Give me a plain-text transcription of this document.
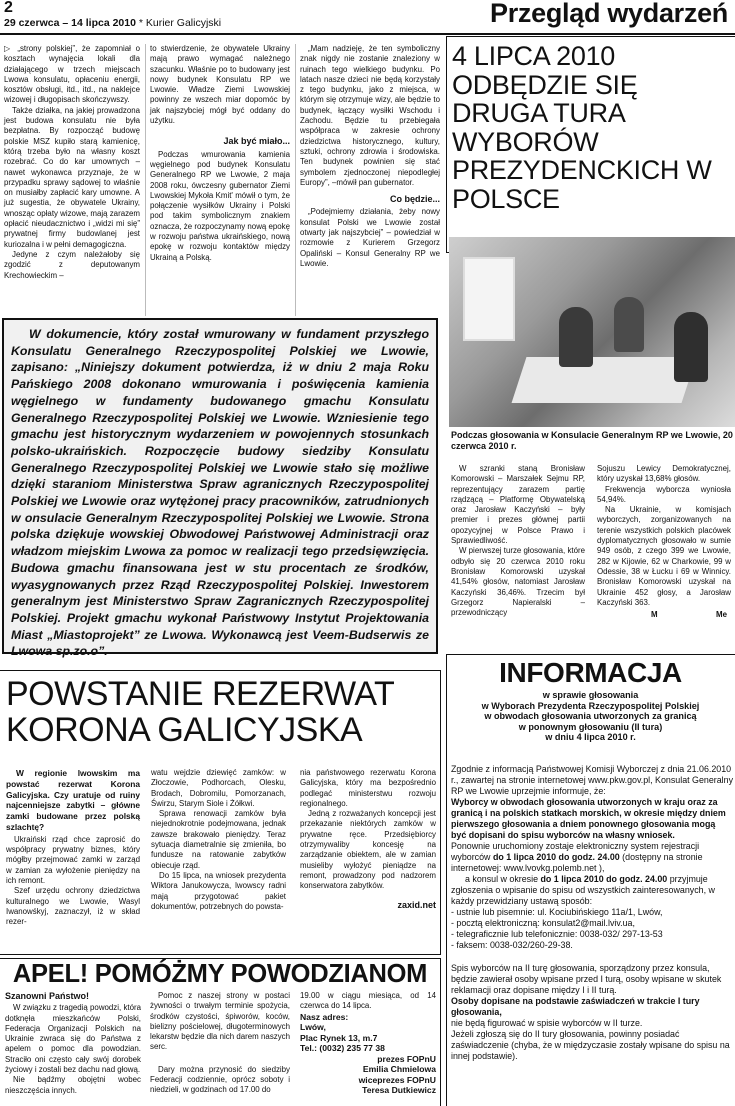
2
29 czerwca – 14 lipca 2010 * Kurier Galicyjski	Przegląd wydarzeń

▷ „strony polskiej”, że zapomniał o kosztach wynajęcia lokali dla działającego w trzech miejscach Lwowa konsulatu, opłaceniu energii, kosztów obsługi, itd., itd., na naklejce wizowej i długopisach skończywszy.

Także działka, na jakiej prowadzona jest budowa konsulatu nie była bezpłatna. By rozpocząć budowę polskie MSZ kupiło starą kamienicę, którą trzeba było na własny koszt rozebrać. Co do kar umownych – nawet wykonawca przyznaje, że w przypadku sprawy sądowej to właśnie on musiałby zapłacić kary umowne. A już sugestia, że obywatele Ukrainy, wnosząc opłaty wizowe, mają zarazem opłacić nieudacznictwo i „widzi mi się” prywatnej firmy budowlanej jest kuriozalna i w pełni demagogiczna.

Jedyne z czym należałoby się zgodzić z deputowanym Krechowieckim –

to stwierdzenie, że obywatele Ukrainy mają prawo wymagać należnego szacunku. Właśnie po to budowany jest nowy budynek Konsulatu RP we Lwowie. Władze Ziemi Lwowskiej powinny ze wszech miar dopomóc by jak najszybciej mógł być oddany do użytku.

Jak być miało...

Podczas wmurowania kamienia węgielnego pod budynek Konsulatu Generalnego RP we Lwowie, 2 maja 2008 roku, ówczesny gubernator Ziemi Lwowskiej Mykoła Kmit' mówił o tym, że połączenie wysiłków Ukrainy i Polski pod takim symbolicznym znakiem oznacza, że rozpoczynamy nową epokę w rozwoju państwa ukraińskiego, nową epokę w rozwoju kontaktów między Ukrainą a Polską.

„Mam nadzieję, że ten symboliczny znak nigdy nie zostanie znaleziony w ruinach tego wielkiego budynku. Po latach nasze dzieci nie będą korzystały z tego budynku, jako z miejsca, w którym się otrzymuje wizy, ale będzie to budynek, łączący wysiłki Wschodu i Zachodu. Będzie tu przebiegała współpraca w zakresie ochrony dziedzictwa historycznego, kultury, sztuki, ochrony zdrowia i środowiska. Ten budynek powinien się stać symbolem zjednoczonej niepodległej Europy”, –mówił pan gubernator.

Co będzie...

„Podejmiemy działania, żeby nowy konsulat Polski we Lwowie został otwarty jak najszybciej” – powiedział w rozmowie z Kurierem Grzegorz Opaliński – Konsul Generalny RP we Lwowie.

W dokumencie, który został wmurowany w fundament przyszłego Konsulatu Generalnego Rzeczypospolitej Polskiej we Lwowie, zapisano: „Niniejszy dokument potwierdza, iż w dniu 2 maja Roku Pańskiego 2008 dokonano wmurowania i poświęcenia kamienia węgielnego w fundamenty budowanego gmachu Konsulatu Generalnego Rzeczypospolitej Polskiej we Lwowie. Wzniesienie tego gmachu jest historycznym wydarzeniem w powojennych stosunkach polsko-ukraińskich. Rozpoczęcie budowy siedziby Konsulatu Generalnego Rzeczypospolitej Polskiej we Lwowie stało się możliwe dzięki staraniom Ministerstwa Spraw agranicznych Rzeczypospolitej Polskiej we Lwowie oraz wytężonej pracy pracowników, zatrudnionych w onsulacie Generalnym Rzeczypospolitej Polskiej we Lwowie. Strona polska dziękuje wowskiej Obwodowej Państwowej Administracji oraz władzom miejskim Lwowa za pomoc w realizacji tego przedsięwzięcia. Budowa gmachu finansowana jest w stu procentach ze środków, wyasygnowanych przez Rząd Rzeczypospolitej Polskiej. Inwestorem generalnym jest Ministerstwo Spraw Zagranicznych Rzeczypospolitej Polskiej. Projekt gmachu wykonał Państwowy Instytut Projektowania Miast „Miastoprojekt” ze Lwowa. Wykonawcą jest Veem-Budserwis ze Lwowa sp.zo.o”.
4 LIPCA 2010 ODBĘDZIE SIĘ DRUGA TURA WYBORÓW PREZYDENCKICH W POLSCE
Podczas głosowania w Konsulacie Generalnym RP we Lwowie, 20 czerwca 2010 r.

W szranki staną Bronisław Komorowski – Marszałek Sejmu RP, reprezentujący zarazem partię rządzącą – Platformę Obywatelską oraz Jarosław Kaczyński – były premier i prezes głównej partii opozycyjnej w Polsce Prawo i Sprawiedliwość.

W pierwszej turze głosowania, które odbyło się 20 czerwca 2010 roku Bronisław Komorowski uzyskał 41,54% głosów, natomiast Jarosław Kaczyński 36,46%. Trzecim był Grzegorz Napieralski – przewodniczący

Sojuszu Lewicy Demokratycznej, który uzyskał 13,68% głosów.

Frekwencja wyborcza wyniosła 54,94%.

Na Ukrainie, w komisjach wyborczych, zorganizowanych na terenie wszystkich polskich placówek dyplomatycznych głosowało w sumie 949 osób, z czego 399 we Lwowie, 282 w Kijowie, 62 w Charkowie, 99 w Odessie, 38 w Łucku i 69 w Winnicy. Bronisław Komorowski uzyskał na Ukrainie 452 głosy, a Jarosław Kaczyński 363.

M	Me
POWSTANIE REZERWAT KORONA GALICYJSKA

W regionie lwowskim ma powstać rezerwat Korona Galicyjska. Czy uratuje od ruiny najcenniejsze zabytki – główne zamki budowane przez polską szlachtę?

Ukraiński rząd chce zaprosić do współpracy prywatny biznes, który mógłby przejmować zamki w zarząd w zamian za wyłożenie pieniędzy na ich remont.

Szef urzędu ochrony dziedzictwa kulturalnego we Lwowie, Wasyl Iwanowśkyj, zaznaczył, iż w skład rezer-

watu wejdzie dziewięć zamków: w Złoczowie, Podhorcach, Olesku, Brodach, Dobromilu, Pomorzanach, Świrzu, Starym Siole i Żółkwi.

Sprawa renowacji zamków była niejednokrotnie podejmowana, jednak zawsze brakowało pieniędzy. Teraz sytuacja diametralnie się zmieniła, bo fundusze na ratowanie zabytków obiecuje rząd.

Do 15 lipca, na wniosek prezydenta Wiktora Janukowycza, lwowscy radni mają przygotować pakiet dokumentów, potrzebnych do powsta-

nia państwowego rezerwatu Korona Galicyjska, który ma bezpośrednio podlegać ministerstwu rozwoju regionalnego.

Jedną z rozważanych koncepcji jest przekazanie niektórych zamków w prywatne ręce. Przedsiębiorcy otrzymywaliby koncesję na zarządzanie obiektem, ale w zamian musieliby wyłożyć pieniądze na remont, prowadzony pod nadzorem konserwatora zabytków.

zaxid.net

APEL! POMÓŻMY POWODZIANOM

Szanowni Państwo!

W związku z tragedią powodzi, która dotknęła mieszkańców Polski, Federacja Organizacji Polskich na Ukrainie zwraca się do Państwa z apelem o pomoc dla powodzian. Straciło oni często cały swój dorobek życiowy i zostali bez dachu nad głową.

Nie bądźmy obojętni wobec nieszczęścia innych.

Pomoc z naszej strony w postaci żywności o trwałym terminie spożycia, środków czystości, śpiworów, koców, bielizny pościelowej, długoterminowych lekarstw będzie dla nich darem naszych serc.

Dary można przynosić do siedziby Federacji codziennie, oprócz soboty i niedzieli, w godzinach od 17.00 do

19.00 w ciągu miesiąca, od 14 czerwca do 14 lipca.

Nasz adres:
Lwów,
Plac Rynek 13, m.7
Tel.: (0032) 235 77 38
prezes FOPnU
Emilia Chmielowa
wiceprezes FOPnU
Teresa Dutkiewicz
INFORMACJA
w sprawie głosowania
w Wyborach Prezydenta Rzeczypospolitej Polskiej
w obwodach głosowania utworzonych za granicą
w ponownym głosowaniu (II tura)
w dniu 4 lipca 2010 r.
Zgodnie z informacją Państwowej Komisji Wyborczej z dnia 21.06.2010 r., zawartej na stronie internetowej www.pkw.gov.pl, Konsulat Generalny RP we Lwowie uprzejmie informuje, że:
Wyborcy w obwodach głosowania utworzonych w kraju oraz za granicą i na polskich statkach morskich, w okresie między dniem pierwszego głosowania a dniem ponownego głosowania mogą być dopisani do spisu wyborców na własny wniosek.
Ponownie uruchomiony zostaje elektroniczny system rejestracji wyborców do 1 lipca 2010 do godz. 24.00 (dostępny na stronie internetowej: www.lvovkg.polemb.net ),
a konsul w okresie do 1 lipca 2010 do godz. 24.00 przyjmuje zgłoszenia o wpisanie do spisu od wszystkich zainteresowanych, w każdy przewidziany ustawą sposób:
- ustnie lub pisemnie: ul. Kociubińskiego 11a/1, Lwów,
- pocztą elektroniczną: konsulat2@mail.lviv.ua,
- telegraficznie lub telefonicznie: 0038-032/ 297-13-53
- faksem: 0038-032/260-29-38.
Spis wyborców na II turę głosowania, sporządzony przez konsula, będzie zawierał osoby wpisane przed I turą, osoby wpisane w skutek reklamacji oraz dopisane między I i II turą.
Osoby dopisane na podstawie zaświadczeń w trakcie I tury głosowania,
nie będą figurować w spisie wyborców w II turze.
Jeżeli zgłoszą się do II tury głosowania, powinny posiadać zaświadczenie (chyba, że w międzyczasie zostały wpisane do spisu na innej podstawie).
